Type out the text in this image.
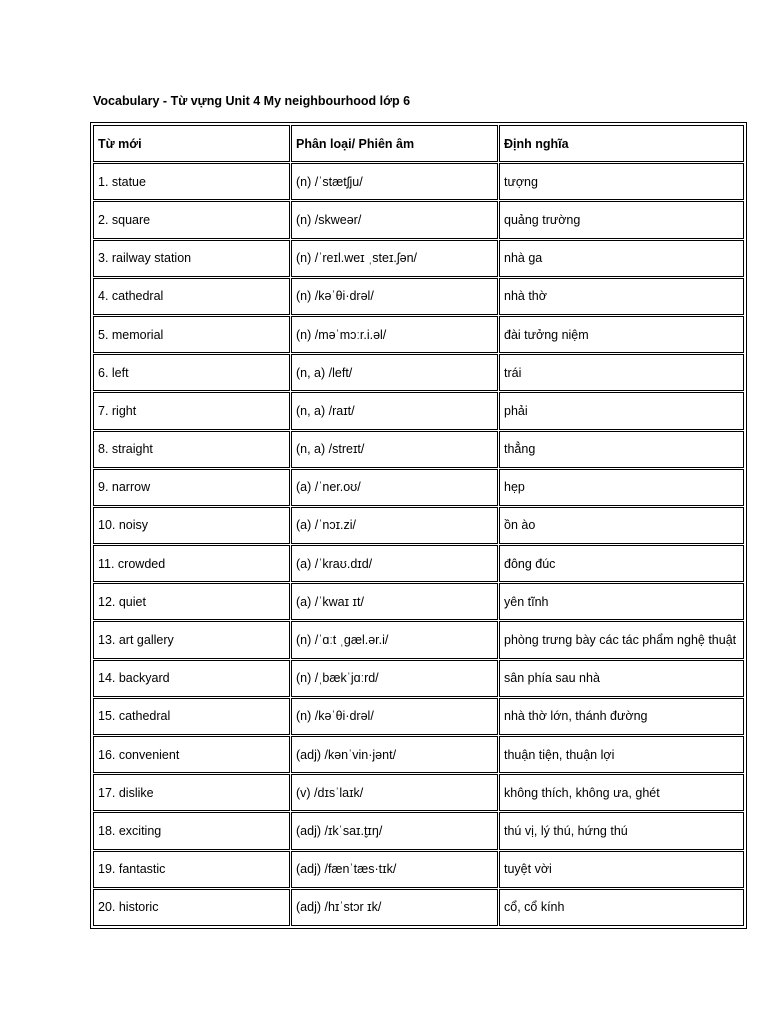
Vocabulary - Từ vựng Unit 4 My neighbourhood lớp 6
Từ mới	Phân loại/ Phiên âm	Định nghĩa
1. statue	(n) /ˈstætʃju/	tượng
2. square	(n) /skweər/	quảng trường
3. railway station	(n) /ˈreɪl.weɪ ˌsteɪ.ʃən/	nhà ga
4. cathedral	(n) /kəˈθi·drəl/	nhà thờ
5. memorial	(n) /məˈmɔːr.i.əl/	đài tưởng niệm
6. left	(n, a) /left/	trái
7. right	(n, a) /raɪt/	phải
8. straight	(n, a) /streɪt/	thẳng
9. narrow	(a) /ˈner.oʊ/	hẹp
10. noisy	(a) /ˈnɔɪ.zi/	ồn ào
11. crowded	(a) /ˈkraʊ.dɪd/	đông đúc
12. quiet	(a) /ˈkwaɪ ɪt/	yên tĩnh
13. art gallery	(n) /ˈɑːt ˌɡæl.ər.i/	phòng trưng bày các tác phẩm nghệ thuật
14. backyard	(n) /ˌbækˈjɑːrd/	sân phía sau nhà
15. cathedral	(n) /kəˈθi·drəl/	nhà thờ lớn, thánh đường
16. convenient	(adj) /kənˈvin·jənt/	thuận tiện, thuận lợi
17. dislike	(v) /dɪsˈlaɪk/	không thích, không ưa, ghét
18. exciting	(adj) /ɪkˈsaɪ.t̬ɪŋ/	thú vị, lý thú, hứng thú
19. fantastic	(adj) /fænˈtæs·tɪk/	tuyệt vời
20. historic	(adj) /hɪˈstɔr ɪk/	cổ, cổ kính
